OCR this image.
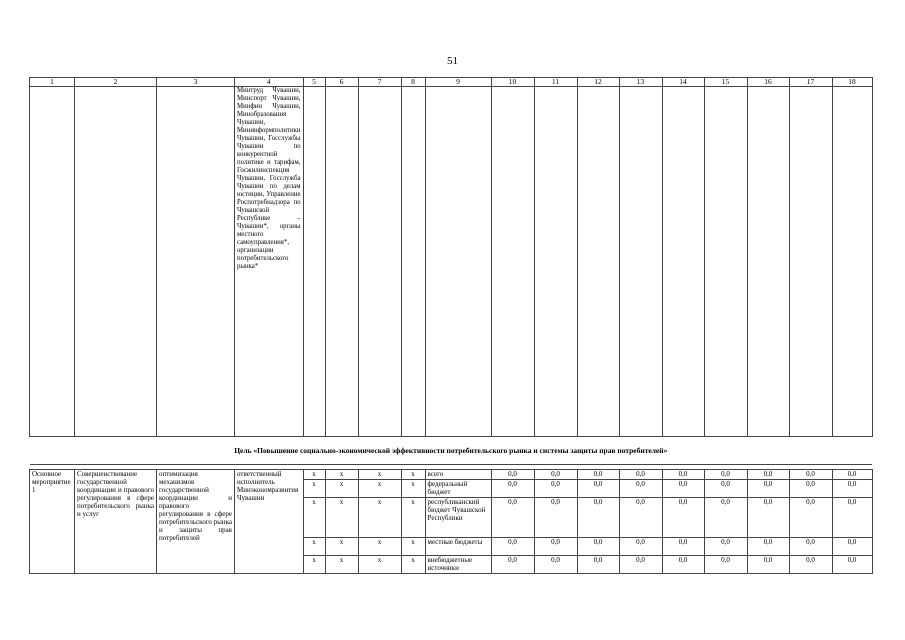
51
1	2	3	4	5	6	7	8	9	10	11	12	13	14	15	16	17	18
			Минтруд Чувашии, Минспорт Чувашии, Минфин Чувашии, Минобразования Чувашии, Мининформполитики Чувашии, Госслужбы Чувашии по конкурентной политике и тарифам, Госжилинспекция Чувашии, Госслужба Чувашии по делам юстиции, Управление Роспотребнадзора по Чувашской Республике – Чувашии*, органы местного самоуправления*, организации потребительского рынка*														
Цель «Повышение социально-экономической эффективности потребительского рынка и системы защиты прав потребителей»																	

Основное мероприятие 1	Совершенствование государственной координации и правового регулирования в сфере потребительского рынка и услуг	оптимизация механизмов государственной координации и правового регулирования в сфере потребительского рынка и защиты прав потребителей	ответственный исполнитель Минэкономразвития Чувашии	x	x	x	x	всего	0,0	0,0	0,0	0,0	0,0	0,0	0,0	0,0	0,0
				x	x	x	x	федеральный бюджет	0,0	0,0	0,0	0,0	0,0	0,0	0,0	0,0	0,0
				x	x	x	x	республиканский бюджет Чувашской Республики	0,0	0,0	0,0	0,0	0,0	0,0	0,0	0,0	0,0
				x	x	x	x	местные бюджеты	0,0	0,0	0,0	0,0	0,0	0,0	0,0	0,0	0,0
				x	x	x	x	внебюджетные источники	0,0	0,0	0,0	0,0	0,0	0,0	0,0	0,0	0,0
